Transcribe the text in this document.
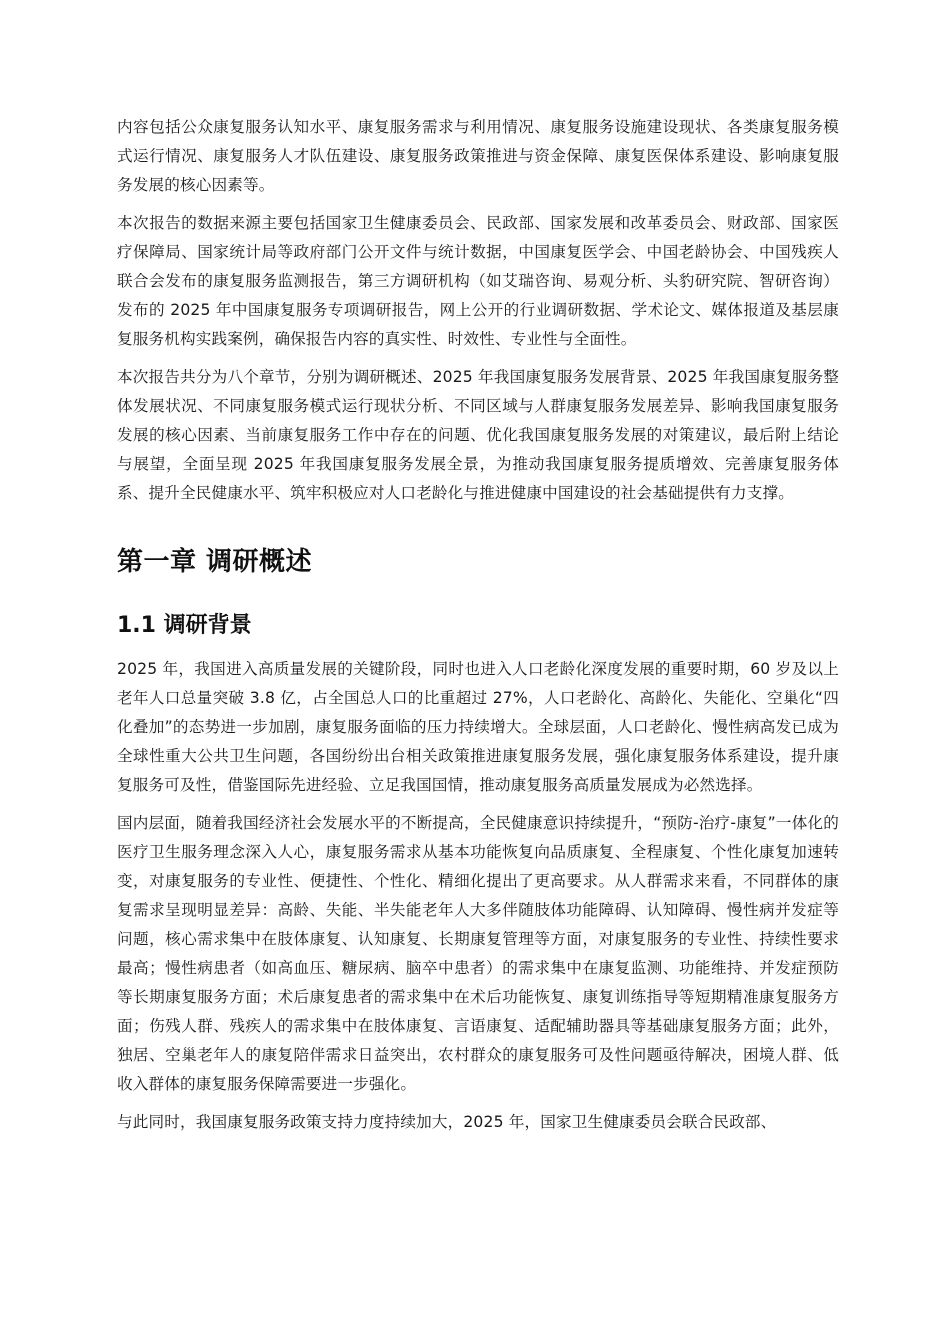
内容包括公众康复服务认知水平、康复服务需求与利用情况、康复服务设施建设现状、各类康复服务模式运行情况、康复服务人才队伍建设、康复服务政策推进与资金保障、康复医保体系建设、影响康复服务发展的核心因素等。

本次报告的数据来源主要包括国家卫生健康委员会、民政部、国家发展和改革委员会、财政部、国家医疗保障局、国家统计局等政府部门公开文件与统计数据，中国康复医学会、中国老龄协会、中国残疾人联合会发布的康复服务监测报告，第三方调研机构（如艾瑞咨询、易观分析、头豹研究院、智研咨询）发布的 2025 年中国康复服务专项调研报告，网上公开的行业调研数据、学术论文、媒体报道及基层康复服务机构实践案例，确保报告内容的真实性、时效性、专业性与全面性。

本次报告共分为八个章节，分别为调研概述、2025 年我国康复服务发展背景、2025 年我国康复服务整体发展状况、不同康复服务模式运行现状分析、不同区域与人群康复服务发展差异、影响我国康复服务发展的核心因素、当前康复服务工作中存在的问题、优化我国康复服务发展的对策建议，最后附上结论与展望，全面呈现 2025 年我国康复服务发展全景，为推动我国康复服务提质增效、完善康复服务体系、提升全民健康水平、筑牢积极应对人口老龄化与推进健康中国建设的社会基础提供有力支撑。

第一章 调研概述
1.1 调研背景

2025 年，我国进入高质量发展的关键阶段，同时也进入人口老龄化深度发展的重要时期，60 岁及以上老年人口总量突破 3.8 亿，占全国总人口的比重超过 27%，人口老龄化、高龄化、失能化、空巢化“四化叠加”的态势进一步加剧，康复服务面临的压力持续增大。全球层面，人口老龄化、慢性病高发已成为全球性重大公共卫生问题，各国纷纷出台相关政策推进康复服务发展，强化康复服务体系建设，提升康复服务可及性，借鉴国际先进经验、立足我国国情，推动康复服务高质量发展成为必然选择。

国内层面，随着我国经济社会发展水平的不断提高，全民健康意识持续提升，“预防-治疗-康复”一体化的医疗卫生服务理念深入人心，康复服务需求从基本功能恢复向品质康复、全程康复、个性化康复加速转变，对康复服务的专业性、便捷性、个性化、精细化提出了更高要求。从人群需求来看，不同群体的康复需求呈现明显差异：高龄、失能、半失能老年人大多伴随肢体功能障碍、认知障碍、慢性病并发症等问题，核心需求集中在肢体康复、认知康复、长期康复管理等方面，对康复服务的专业性、持续性要求最高；慢性病患者（如高血压、糖尿病、脑卒中患者）的需求集中在康复监测、功能维持、并发症预防等长期康复服务方面；术后康复患者的需求集中在术后功能恢复、康复训练指导等短期精准康复服务方面；伤残人群、残疾人的需求集中在肢体康复、言语康复、适配辅助器具等基础康复服务方面；此外，独居、空巢老年人的康复陪伴需求日益突出，农村群众的康复服务可及性问题亟待解决，困境人群、低收入群体的康复服务保障需要进一步强化。

与此同时，我国康复服务政策支持力度持续加大，2025 年，国家卫生健康委员会联合民政部、
